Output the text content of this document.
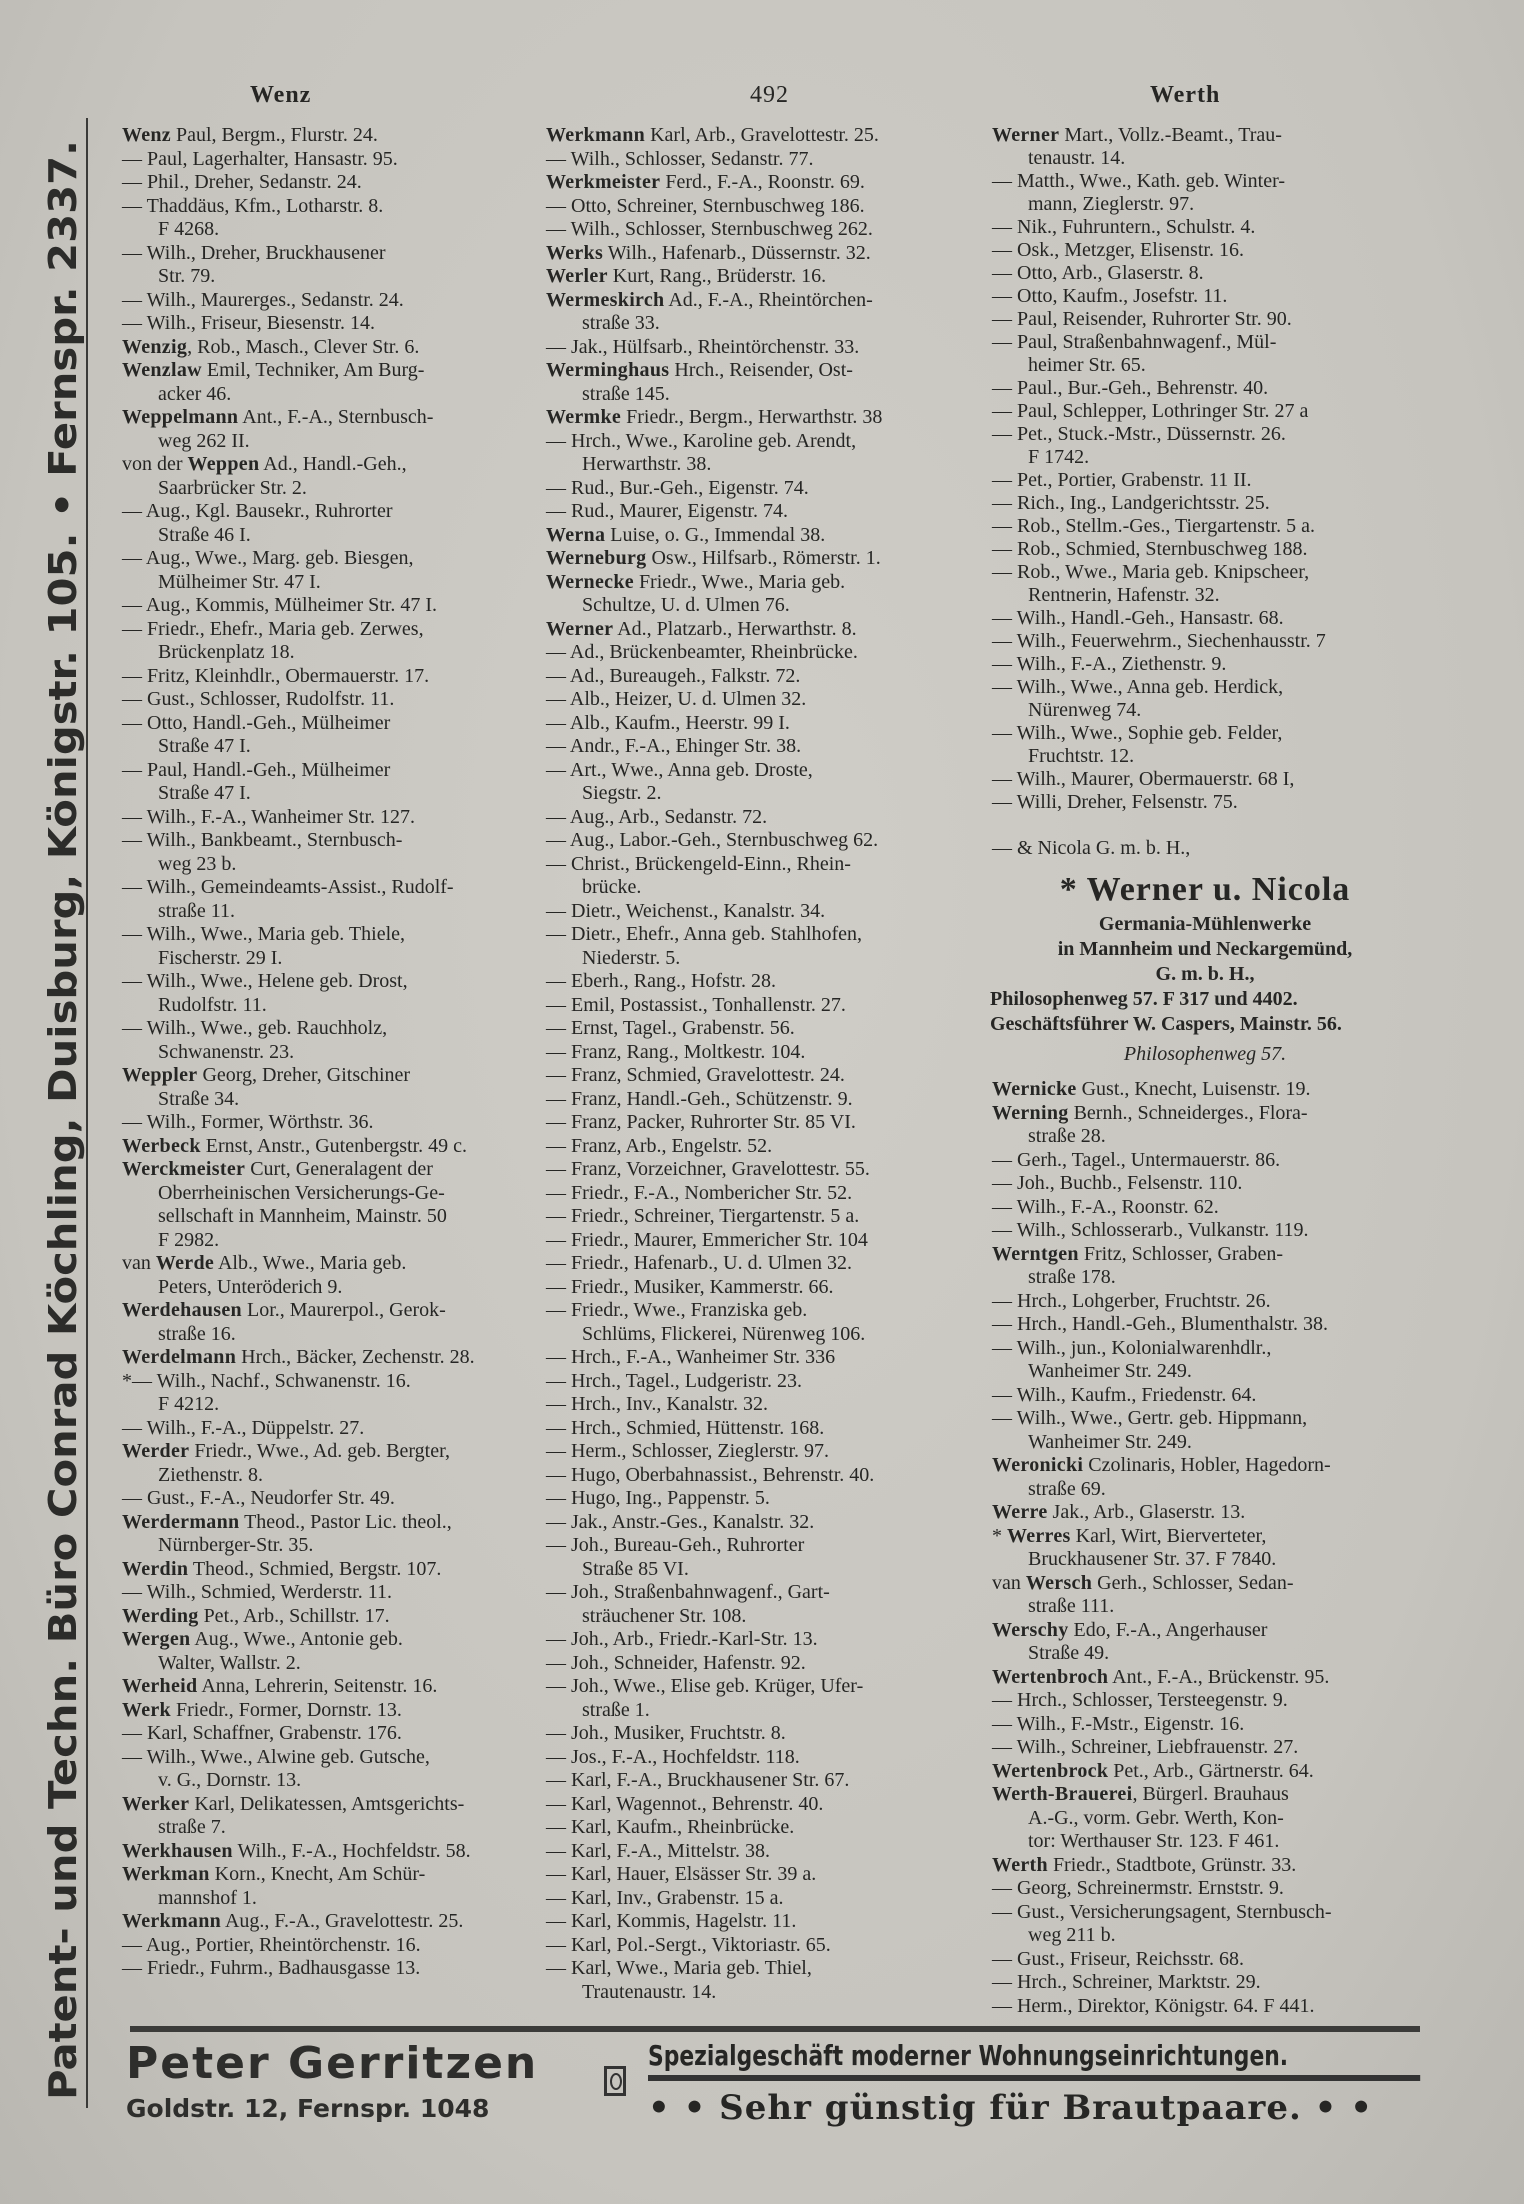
Wenz	492	Werth
Patent- und Techn. Büro Conrad Köchling, Duisburg, Königstr. 105. • Fernspr. 2337.
Wenz Paul, Bergm., Flurstr. 24.
— Paul, Lagerhalter, Hansastr. 95.
— Phil., Dreher, Sedanstr. 24.
— Thaddäus, Kfm., Lotharstr. 8.
F 4268.
— Wilh., Dreher, Bruckhausener
Str. 79.
— Wilh., Maurerges., Sedanstr. 24.
— Wilh., Friseur, Biesenstr. 14.
Wenzig, Rob., Masch., Clever Str. 6.
Wenzlaw Emil, Techniker, Am Burg-
acker 46.
Weppelmann Ant., F.-A., Sternbusch-
weg 262 II.
von der Weppen Ad., Handl.-Geh.,
Saarbrücker Str. 2.
— Aug., Kgl. Bausekr., Ruhrorter
Straße 46 I.
— Aug., Wwe., Marg. geb. Biesgen,
Mülheimer Str. 47 I.
— Aug., Kommis, Mülheimer Str. 47 I.
— Friedr., Ehefr., Maria geb. Zerwes,
Brückenplatz 18.
— Fritz, Kleinhdlr., Obermauerstr. 17.
— Gust., Schlosser, Rudolfstr. 11.
— Otto, Handl.-Geh., Mülheimer
Straße 47 I.
— Paul, Handl.-Geh., Mülheimer
Straße 47 I.
— Wilh., F.-A., Wanheimer Str. 127.
— Wilh., Bankbeamt., Sternbusch-
weg 23 b.
— Wilh., Gemeindeamts-Assist., Rudolf-
straße 11.
— Wilh., Wwe., Maria geb. Thiele,
Fischerstr. 29 I.
— Wilh., Wwe., Helene geb. Drost,
Rudolfstr. 11.
— Wilh., Wwe., geb. Rauchholz,
Schwanenstr. 23.
Weppler Georg, Dreher, Gitschiner
Straße 34.
— Wilh., Former, Wörthstr. 36.
Werbeck Ernst, Anstr., Gutenbergstr. 49 c.
Werckmeister Curt, Generalagent der
Oberrheinischen Versicherungs-Ge-
sellschaft in Mannheim, Mainstr. 50
F 2982.
van Werde Alb., Wwe., Maria geb.
Peters, Unteröderich 9.
Werdehausen Lor., Maurerpol., Gerok-
straße 16.
Werdelmann Hrch., Bäcker, Zechenstr. 28.
*— Wilh., Nachf., Schwanenstr. 16.
F 4212.
— Wilh., F.-A., Düppelstr. 27.
Werder Friedr., Wwe., Ad. geb. Bergter,
Ziethenstr. 8.
— Gust., F.-A., Neudorfer Str. 49.
Werdermann Theod., Pastor Lic. theol.,
Nürnberger-Str. 35.
Werdin Theod., Schmied, Bergstr. 107.
— Wilh., Schmied, Werderstr. 11.
Werding Pet., Arb., Schillstr. 17.
Wergen Aug., Wwe., Antonie geb.
Walter, Wallstr. 2.
Werheid Anna, Lehrerin, Seitenstr. 16.
Werk Friedr., Former, Dornstr. 13.
— Karl, Schaffner, Grabenstr. 176.
— Wilh., Wwe., Alwine geb. Gutsche,
v. G., Dornstr. 13.
Werker Karl, Delikatessen, Amtsgerichts-
straße 7.
Werkhausen Wilh., F.-A., Hochfeldstr. 58.
Werkman Korn., Knecht, Am Schür-
mannshof 1.
Werkmann Aug., F.-A., Gravelottestr. 25.
— Aug., Portier, Rheintörchenstr. 16.
— Friedr., Fuhrm., Badhausgasse 13.
Werkmann Karl, Arb., Gravelottestr. 25.
— Wilh., Schlosser, Sedanstr. 77.
Werkmeister Ferd., F.-A., Roonstr. 69.
— Otto, Schreiner, Sternbuschweg 186.
— Wilh., Schlosser, Sternbuschweg 262.
Werks Wilh., Hafenarb., Düssernstr. 32.
Werler Kurt, Rang., Brüderstr. 16.
Wermeskirch Ad., F.-A., Rheintörchen-
straße 33.
— Jak., Hülfsarb., Rheintörchenstr. 33.
Werminghaus Hrch., Reisender, Ost-
straße 145.
Wermke Friedr., Bergm., Herwarthstr. 38
— Hrch., Wwe., Karoline geb. Arendt,
Herwarthstr. 38.
— Rud., Bur.-Geh., Eigenstr. 74.
— Rud., Maurer, Eigenstr. 74.
Werna Luise, o. G., Immendal 38.
Werneburg Osw., Hilfsarb., Römerstr. 1.
Wernecke Friedr., Wwe., Maria geb.
Schultze, U. d. Ulmen 76.
Werner Ad., Platzarb., Herwarthstr. 8.
— Ad., Brückenbeamter, Rheinbrücke.
— Ad., Bureaugeh., Falkstr. 72.
— Alb., Heizer, U. d. Ulmen 32.
— Alb., Kaufm., Heerstr. 99 I.
— Andr., F.-A., Ehinger Str. 38.
— Art., Wwe., Anna geb. Droste,
Siegstr. 2.
— Aug., Arb., Sedanstr. 72.
— Aug., Labor.-Geh., Sternbuschweg 62.
— Christ., Brückengeld-Einn., Rhein-
brücke.
— Dietr., Weichenst., Kanalstr. 34.
— Dietr., Ehefr., Anna geb. Stahlhofen,
Niederstr. 5.
— Eberh., Rang., Hofstr. 28.
— Emil, Postassist., Tonhallenstr. 27.
— Ernst, Tagel., Grabenstr. 56.
— Franz, Rang., Moltkestr. 104.
— Franz, Schmied, Gravelottestr. 24.
— Franz, Handl.-Geh., Schützenstr. 9.
— Franz, Packer, Ruhrorter Str. 85 VI.
— Franz, Arb., Engelstr. 52.
— Franz, Vorzeichner, Gravelottestr. 55.
— Friedr., F.-A., Nombericher Str. 52.
— Friedr., Schreiner, Tiergartenstr. 5 a.
— Friedr., Maurer, Emmericher Str. 104
— Friedr., Hafenarb., U. d. Ulmen 32.
— Friedr., Musiker, Kammerstr. 66.
— Friedr., Wwe., Franziska geb.
Schlüms, Flickerei, Nürenweg 106.
— Hrch., F.-A., Wanheimer Str. 336
— Hrch., Tagel., Ludgeristr. 23.
— Hrch., Inv., Kanalstr. 32.
— Hrch., Schmied, Hüttenstr. 168.
— Herm., Schlosser, Zieglerstr. 97.
— Hugo, Oberbahnassist., Behrenstr. 40.
— Hugo, Ing., Pappenstr. 5.
— Jak., Anstr.-Ges., Kanalstr. 32.
— Joh., Bureau-Geh., Ruhrorter
Straße 85 VI.
— Joh., Straßenbahnwagenf., Gart-
sträuchener Str. 108.
— Joh., Arb., Friedr.-Karl-Str. 13.
— Joh., Schneider, Hafenstr. 92.
— Joh., Wwe., Elise geb. Krüger, Ufer-
straße 1.
— Joh., Musiker, Fruchtstr. 8.
— Jos., F.-A., Hochfeldstr. 118.
— Karl, F.-A., Bruckhausener Str. 67.
— Karl, Wagennot., Behrenstr. 40.
— Karl, Kaufm., Rheinbrücke.
— Karl, F.-A., Mittelstr. 38.
— Karl, Hauer, Elsässer Str. 39 a.
— Karl, Inv., Grabenstr. 15 a.
— Karl, Kommis, Hagelstr. 11.
— Karl, Pol.-Sergt., Viktoriastr. 65.
— Karl, Wwe., Maria geb. Thiel,
Trautenaustr. 14.
Werner Mart., Vollz.-Beamt., Trau-
tenaustr. 14.
— Matth., Wwe., Kath. geb. Winter-
mann, Zieglerstr. 97.
— Nik., Fuhruntern., Schulstr. 4.
— Osk., Metzger, Elisenstr. 16.
— Otto, Arb., Glaserstr. 8.
— Otto, Kaufm., Josefstr. 11.
— Paul, Reisender, Ruhrorter Str. 90.
— Paul, Straßenbahnwagenf., Mül-
heimer Str. 65.
— Paul., Bur.-Geh., Behrenstr. 40.
— Paul, Schlepper, Lothringer Str. 27 a
— Pet., Stuck.-Mstr., Düssernstr. 26.
F 1742.
— Pet., Portier, Grabenstr. 11 II.
— Rich., Ing., Landgerichtsstr. 25.
— Rob., Stellm.-Ges., Tiergartenstr. 5 a.
— Rob., Schmied, Sternbuschweg 188.
— Rob., Wwe., Maria geb. Knipscheer,
Rentnerin, Hafenstr. 32.
— Wilh., Handl.-Geh., Hansastr. 68.
— Wilh., Feuerwehrm., Siechenhausstr. 7
— Wilh., F.-A., Ziethenstr. 9.
— Wilh., Wwe., Anna geb. Herdick,
Nürenweg 74.
— Wilh., Wwe., Sophie geb. Felder,
Fruchtstr. 12.
— Wilh., Maurer, Obermauerstr. 68 I,
— Willi, Dreher, Felsenstr. 75.
— & Nicola G. m. b. H.,
* Werner u. Nicola
Germania-Mühlenwerke
in Mannheim und Neckargemünd,
G. m. b. H.,
Philosophenweg 57. F 317 und 4402.
Geschäftsführer W. Caspers, Mainstr. 56.
Philosophenweg 57.
Wernicke Gust., Knecht, Luisenstr. 19.
Werning Bernh., Schneiderges., Flora-
straße 28.
— Gerh., Tagel., Untermauerstr. 86.
— Joh., Buchb., Felsenstr. 110.
— Wilh., F.-A., Roonstr. 62.
— Wilh., Schlosserarb., Vulkanstr. 119.
Werntgen Fritz, Schlosser, Graben-
straße 178.
— Hrch., Lohgerber, Fruchtstr. 26.
— Hrch., Handl.-Geh., Blumenthalstr. 38.
— Wilh., jun., Kolonialwarenhdlr.,
Wanheimer Str. 249.
— Wilh., Kaufm., Friedenstr. 64.
— Wilh., Wwe., Gertr. geb. Hippmann,
Wanheimer Str. 249.
Weronicki Czolinaris, Hobler, Hagedorn-
straße 69.
Werre Jak., Arb., Glaserstr. 13.
* Werres Karl, Wirt, Bierverteter,
Bruckhausener Str. 37. F 7840.
van Wersch Gerh., Schlosser, Sedan-
straße 111.
Werschy Edo, F.-A., Angerhauser
Straße 49.
Wertenbroch Ant., F.-A., Brückenstr. 95.
— Hrch., Schlosser, Tersteegenstr. 9.
— Wilh., F.-Mstr., Eigenstr. 16.
— Wilh., Schreiner, Liebfrauenstr. 27.
Wertenbrock Pet., Arb., Gärtnerstr. 64.
Werth-Brauerei, Bürgerl. Brauhaus
A.-G., vorm. Gebr. Werth, Kon-
tor: Werthauser Str. 123. F 461.
Werth Friedr., Stadtbote, Grünstr. 33.
— Georg, Schreinermstr. Ernststr. 9.
— Gust., Versicherungsagent, Sternbusch-
weg 211 b.
— Gust., Friseur, Reichsstr. 68.
— Hrch., Schreiner, Marktstr. 29.
— Herm., Direktor, Königstr. 64. F 441.
Peter Gerritzen
Goldstr. 12, Fernspr. 1048
Spezialgeschäft moderner Wohnungseinrichtungen.
• • Sehr günstig für Brautpaare. • •
